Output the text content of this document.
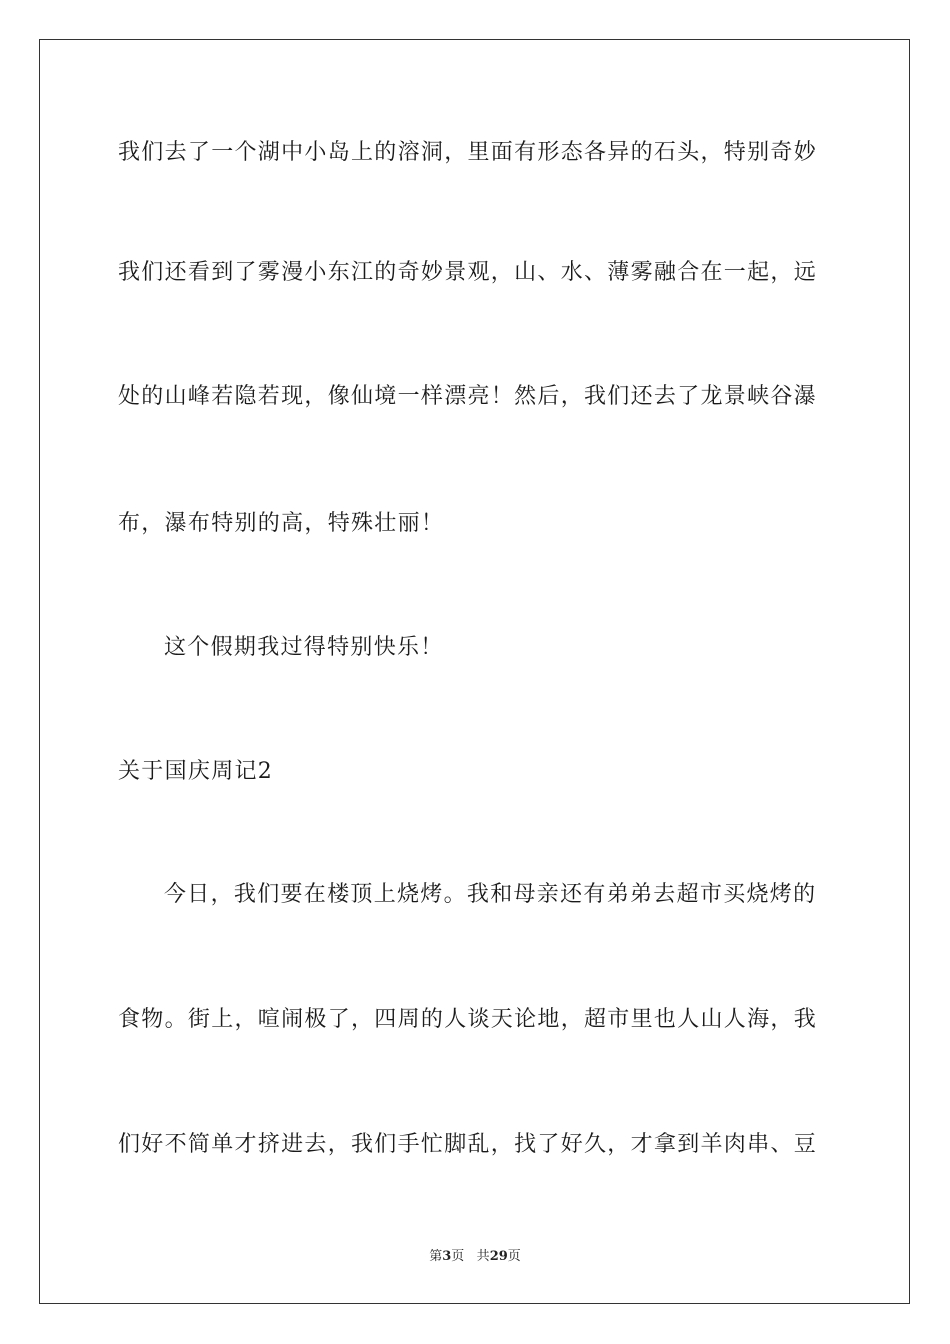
我们去了一个湖中小岛上的溶洞，里面有形态各异的石头，特别奇妙
我们还看到了雾漫小东江的奇妙景观，山、水、薄雾融合在一起，远
处的山峰若隐若现，像仙境一样漂亮！然后，我们还去了龙景峡谷瀑
布，瀑布特别的高，特殊壮丽！
这个假期我过得特别快乐！
关于国庆周记2
今日，我们要在楼顶上烧烤。我和母亲还有弟弟去超市买烧烤的
食物。街上，喧闹极了，四周的人谈天论地，超市里也人山人海，我
们好不简单才挤进去，我们手忙脚乱，找了好久，才拿到羊肉串、豆
第3页 共29页
